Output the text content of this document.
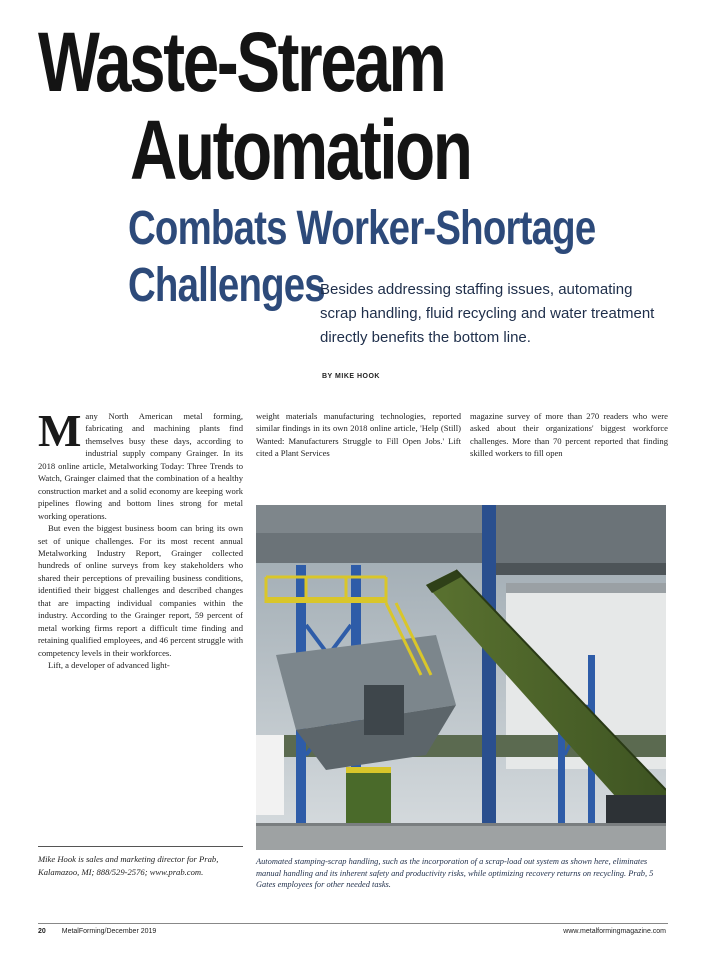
Waste-Stream
Automation
Combats Worker-Shortage
Challenges
Besides addressing staffing issues, automating scrap handling, fluid recycling and water treatment directly benefits the bottom line.
BY MIKE HOOK

Many North American metal forming, fabricating and machining plants find themselves busy these days, according to industrial supply company Grainger. In its 2018 online article, Metalworking Today: Three Trends to Watch, Grainger claimed that the combination of a healthy construction market and a solid economy are keeping work pipelines flowing and bottom lines strong for metal working operations.

But even the biggest business boom can bring its own set of unique challenges. For its most recent annual Metalworking Industry Report, Grainger collected hundreds of online surveys from key stakeholders who shared their perceptions of prevailing business conditions, identified their biggest challenges and described changes that are impacting individual companies within the industry. According to the Grainger report, 59 percent of metal working firms report a difficult time finding and retaining qualified employees, and 46 percent struggle with competency levels in their workforces.

Lift, a developer of advanced light-

weight materials manufacturing technologies, reported similar findings in its own 2018 online article, 'Help (Still) Wanted: Manufacturers Struggle to Fill Open Jobs.' Lift cited a Plant Services

magazine survey of more than 270 readers who were asked about their organizations' biggest workforce challenges. More than 70 percent reported that finding skilled workers to fill open

Mike Hook is sales and marketing director for Prab, Kalamazoo, MI; 888/529-2576; www.prab.com.
Automated stamping-scrap handling, such as the incorporation of a scrap-load out system as shown here, eliminates manual handling and its inherent safety and productivity risks, while optimizing recovery returns on recycling. Prab, 5 Gates employees for other needed tasks.
20 MetalForming/December 2019	www.metalformingmagazine.com
